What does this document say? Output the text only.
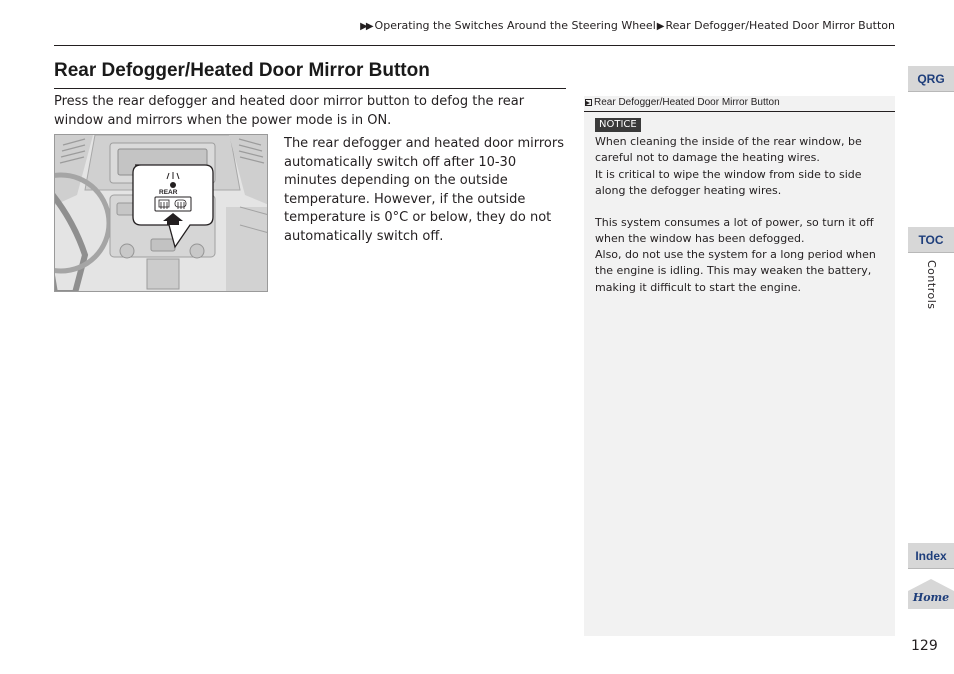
▶▶ Operating the Switches Around the Steering Wheel▶Rear Defogger/Heated Door Mirror Button
Rear Defogger/Heated Door Mirror Button

Press the rear defogger and heated door mirror button to defog the rear window and mirrors when the power mode is in ON.

REAR

The rear defogger and heated door mirrors automatically switch off after 10-30 minutes depending on the outside temperature. However, if the outside temperature is 0°C or below, they do not automatically switch off.

Rear Defogger/Heated Door Mirror Button
NOTICE

When cleaning the inside of the rear window, be careful not to damage the heating wires.

It is critical to wipe the window from side to side along the defogger heating wires.

This system consumes a lot of power, so turn it off when the window has been defogged.

Also, do not use the system for a long period when the engine is idling. This may weaken the battery, making it difficult to start the engine.

QRG
TOC
Controls
Index
Home
129
